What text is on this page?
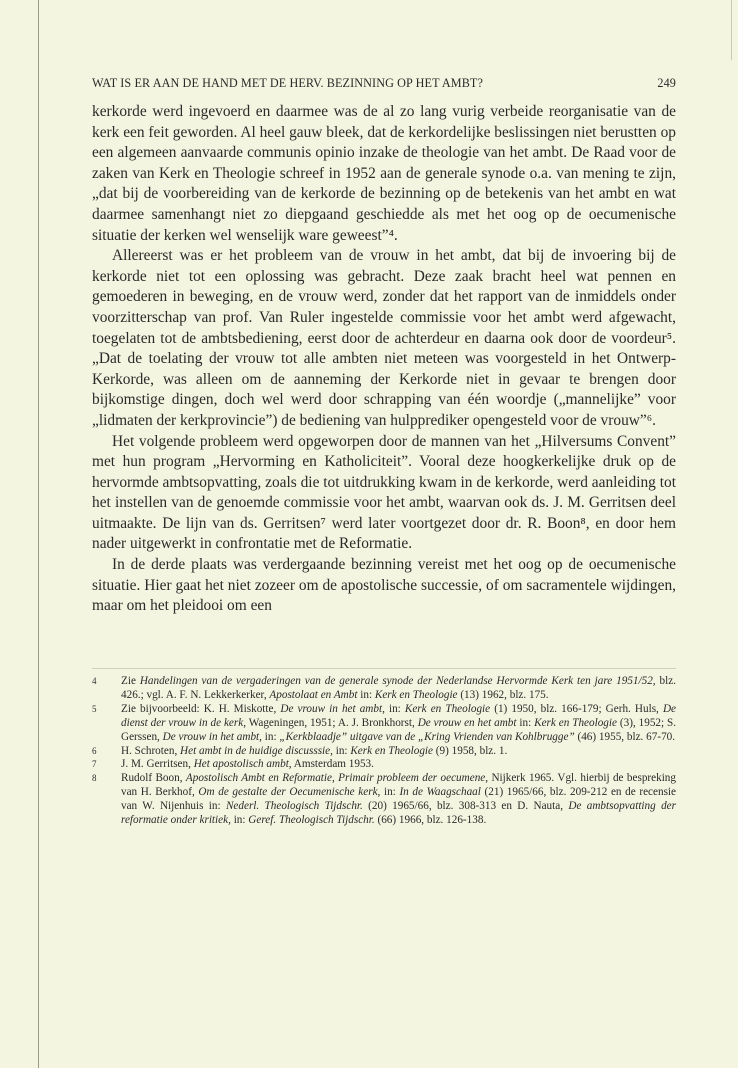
WAT IS ER AAN DE HAND MET DE HERV. BEZINNING OP HET AMBT?	249

kerkorde werd ingevoerd en daarmee was de al zo lang vurig verbeide reorganisatie van de kerk een feit geworden. Al heel gauw bleek, dat de kerkordelijke beslissingen niet berustten op een algemeen aanvaarde communis opinio inzake de theologie van het ambt. De Raad voor de zaken van Kerk en Theologie schreef in 1952 aan de generale synode o.a. van mening te zijn, „dat bij de voorbereiding van de kerkorde de bezinning op de betekenis van het ambt en wat daarmee samenhangt niet zo diepgaand geschiedde als met het oog op de oecumenische situatie der kerken wel wenselijk ware geweest”⁴.

Allereerst was er het probleem van de vrouw in het ambt, dat bij de invoering bij de kerkorde niet tot een oplossing was gebracht. Deze zaak bracht heel wat pennen en gemoederen in beweging, en de vrouw werd, zonder dat het rapport van de inmiddels onder voorzitterschap van prof. Van Ruler ingestelde commissie voor het ambt werd afgewacht, toegelaten tot de ambtsbediening, eerst door de achterdeur en daarna ook door de voordeur⁵. „Dat de toelating der vrouw tot alle ambten niet meteen was voorgesteld in het Ontwerp-Kerkorde, was alleen om de aanneming der Kerkorde niet in gevaar te brengen door bijkomstige dingen, doch wel werd door schrapping van één woordje („mannelijke” voor „lidmaten der kerkprovincie”) de bediening van hulpprediker opengesteld voor de vrouw”⁶.

Het volgende probleem werd opgeworpen door de mannen van het „Hilversums Convent” met hun program „Hervorming en Katholiciteit”. Vooral deze hoogkerkelijke druk op de hervormde ambtsopvatting, zoals die tot uitdrukking kwam in de kerkorde, werd aanleiding tot het instellen van de genoemde commissie voor het ambt, waarvan ook ds. J. M. Gerritsen deel uitmaakte. De lijn van ds. Gerritsen⁷ werd later voortgezet door dr. R. Boon⁸, en door hem nader uitgewerkt in confrontatie met de Reformatie.

In de derde plaats was verdergaande bezinning vereist met het oog op de oecumenische situatie. Hier gaat het niet zozeer om de apostolische successie, of om sacramentele wijdingen, maar om het pleidooi om een

4 Zie Handelingen van de vergaderingen van de generale synode der Nederlandse Hervormde Kerk ten jare 1951/52, blz. 426.; vgl. A. F. N. Lekkerkerker, Apostolaat en Ambt in: Kerk en Theologie (13) 1962, blz. 175.

5 Zie bijvoorbeeld: K. H. Miskotte, De vrouw in het ambt, in: Kerk en Theologie (1) 1950, blz. 166-179; Gerh. Huls, De dienst der vrouw in de kerk, Wageningen, 1951; A. J. Bronkhorst, De vrouw en het ambt in: Kerk en Theologie (3), 1952; S. Gerssen, De vrouw in het ambt, in: „Kerkblaadje” uitgave van de „Kring Vrienden van Kohlbrugge” (46) 1955, blz. 67-70.

6 H. Schroten, Het ambt in de huidige discusssie, in: Kerk en Theologie (9) 1958, blz. 1.

7 J. M. Gerritsen, Het apostolisch ambt, Amsterdam 1953.

8 Rudolf Boon, Apostolisch Ambt en Reformatie, Primair probleem der oecumene, Nijkerk 1965. Vgl. hierbij de bespreking van H. Berkhof, Om de gestalte der Oecumenische kerk, in: In de Waagschaal (21) 1965/66, blz. 209-212 en de recensie van W. Nijenhuis in: Nederl. Theologisch Tijdschr. (20) 1965/66, blz. 308-313 en D. Nauta, De ambtsopvatting der reformatie onder kritiek, in: Geref. Theologisch Tijdschr. (66) 1966, blz. 126-138.
